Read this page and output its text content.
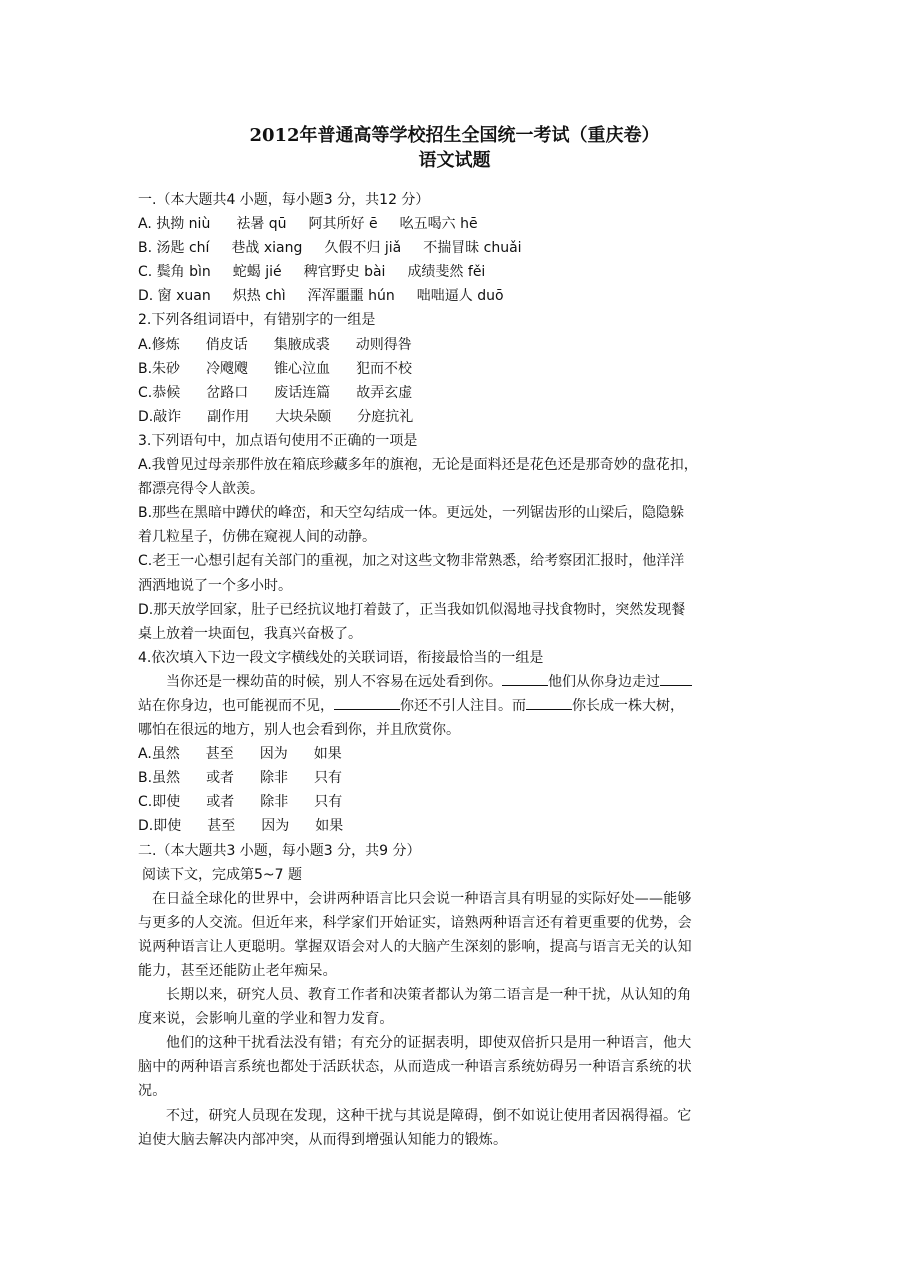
2012年普通高等学校招生全国统一考试（重庆卷）
语文试题
一.（本大题共4 小题，每小题3 分，共12 分）
A. 执拗 niù 祛暑 qū 阿其所好 ē 吆五喝六 hē
B. 汤匙 chí 巷战 xiang 久假不归 jiǎ 不揣冒昧 chuǎi
C. 鬓角 bìn 蛇蝎 jié 稗官野史 bài 成绩斐然 fěi
D. 窗 xuan 炽热 chì 浑浑噩噩 hún 咄咄逼人 duō
2.下列各组词语中，有错别字的一组是
A.修炼 俏皮话 集腋成裘 动则得咎
B.朱砂 冷飕飕 锥心泣血 犯而不校
C.恭候 岔路口 废话连篇 故弄玄虚
D.敲诈 副作用 大块朵颐 分庭抗礼
3.下列语句中，加点语句使用不正确的一项是
A.我曾见过母亲那件放在箱底珍藏多年的旗袍，无论是面料还是花色还是那奇妙的盘花扣，
都漂亮得令人歆羡。
B.那些在黑暗中蹲伏的峰峦，和天空勾结成一体。更远处，一列锯齿形的山梁后，隐隐躲
着几粒星子，仿佛在窥视人间的动静。
C.老王一心想引起有关部门的重视，加之对这些文物非常熟悉，给考察团汇报时，他洋洋
洒洒地说了一个多小时。
D.那天放学回家，肚子已经抗议地打着鼓了，正当我如饥似渴地寻找食物时，突然发现餐
桌上放着一块面包，我真兴奋极了。
4.依次填入下边一段文字横线处的关联词语，衔接最恰当的一组是
当你还是一棵幼苗的时候，别人不容易在远处看到你。	他们从你身边走过
站在你身边，也可能视而不见，	你还不引人注目。而	你长成一株大树，
哪怕在很远的地方，别人也会看到你，并且欣赏你。
A.虽然 甚至 因为 如果
B.虽然 或者 除非 只有
C.即使 或者 除非 只有
D.即使 甚至 因为 如果
二.（本大题共3 小题，每小题3 分，共9 分）
阅读下文，完成第5~7 题
在日益全球化的世界中，会讲两种语言比只会说一种语言具有明显的实际好处——能够
与更多的人交流。但近年来，科学家们开始证实，谙熟两种语言还有着更重要的优势，会
说两种语言让人更聪明。掌握双语会对人的大脑产生深刻的影响，提高与语言无关的认知
能力，甚至还能防止老年痴呆。
长期以来，研究人员、教育工作者和决策者都认为第二语言是一种干扰，从认知的角
度来说，会影响儿童的学业和智力发育。
他们的这种干扰看法没有错；有充分的证据表明，即使双倍折只是用一种语言，他大
脑中的两种语言系统也都处于活跃状态，从而造成一种语言系统妨碍另一种语言系统的状
况。
不过，研究人员现在发现，这种干扰与其说是障碍，倒不如说让使用者因祸得福。它
迫使大脑去解决内部冲突，从而得到增强认知能力的锻炼。
